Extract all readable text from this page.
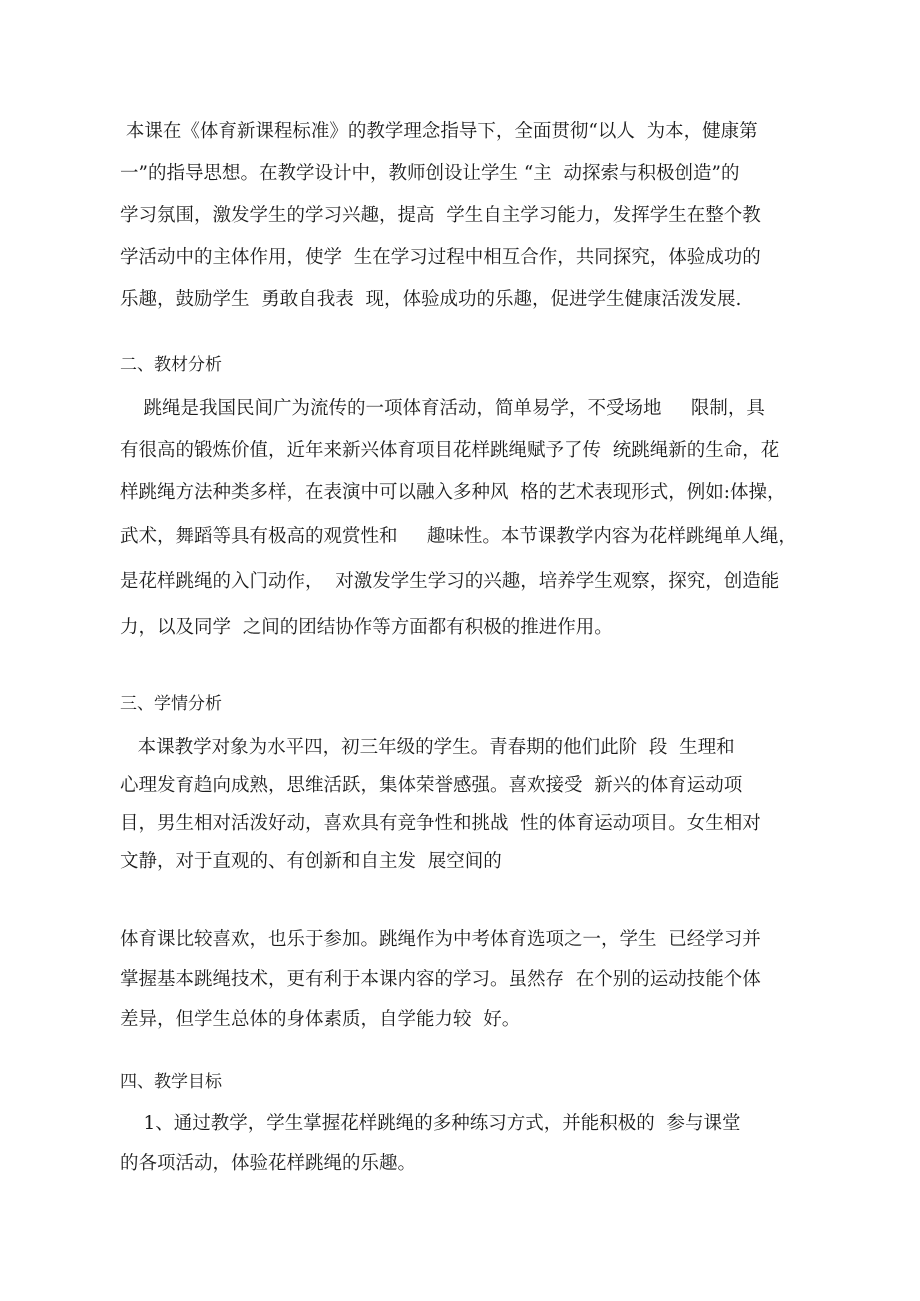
本课在《体育新课程标准》的教学理念指导下，全面贯彻“以人  为本，健康第
一”的指导思想。在教学设计中，教师创设让学生 “主  动探索与积极创造”的
学习氛围，激发学生的学习兴趣，提高  学生自主学习能力，发挥学生在整个教
学活动中的主体作用，使学  生在学习过程中相互合作，共同探究，体验成功的
乐趣，鼓励学生  勇敢自我表  现，体验成功的乐趣，促进学生健康活泼发展.
二、教材分析
跳绳是我国民间广为流传的一项体育活动，简单易学，不受场地     限制，具
有很高的锻炼价值，近年来新兴体育项目花样跳绳赋予了传  统跳绳新的生命，花
样跳绳方法种类多样，在表演中可以融入多种风  格的艺术表现形式，例如:体操，
武术，舞蹈等具有极高的观赏性和     趣味性。本节课教学内容为花样跳绳单人绳，
是花样跳绳的入门动作，  对激发学生学习的兴趣，培养学生观察，探究，创造能
力，以及同学  之间的团结协作等方面都有积极的推进作用。
三、学情分析
本课教学对象为水平四，初三年级的学生。青春期的他们此阶  段  生理和
心理发育趋向成熟，思维活跃，集体荣誉感强。喜欢接受  新兴的体育运动项
目，男生相对活泼好动，喜欢具有竞争性和挑战  性的体育运动项目。女生相对
文静，对于直观的、有创新和自主发  展空间的
体育课比较喜欢，也乐于参加。跳绳作为中考体育选项之一，学生  已经学习并
掌握基本跳绳技术，更有利于本课内容的学习。虽然存  在个别的运动技能个体
差异，但学生总体的身体素质，自学能力较  好。
四、教学目标
1、通过教学，学生掌握花样跳绳的多种练习方式，并能积极的  参与课堂
的各项活动，体验花样跳绳的乐趣。
